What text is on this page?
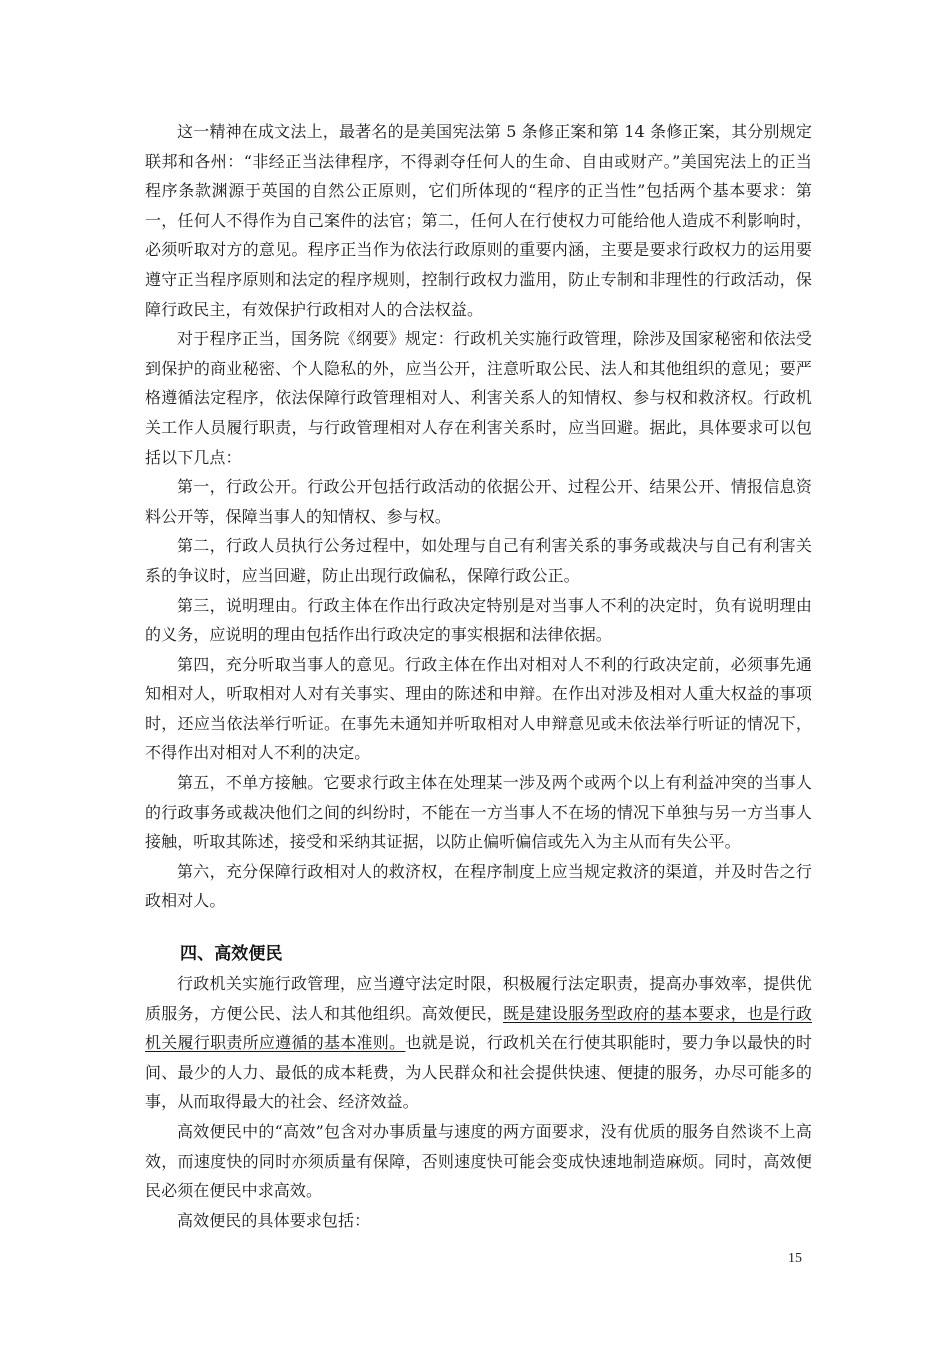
这一精神在成文法上，最著名的是美国宪法第 5 条修正案和第 14 条修正案，其分别规定联邦和各州：“非经正当法律程序，不得剥夺任何人的生命、自由或财产。”美国宪法上的正当程序条款渊源于英国的自然公正原则，它们所体现的“程序的正当性”包括两个基本要求：第一，任何人不得作为自己案件的法官；第二，任何人在行使权力可能给他人造成不利影响时，必须听取对方的意见。程序正当作为依法行政原则的重要内涵，主要是要求行政权力的运用要遵守正当程序原则和法定的程序规则，控制行政权力滥用，防止专制和非理性的行政活动，保障行政民主，有效保护行政相对人的合法权益。

对于程序正当，国务院《纲要》规定：行政机关实施行政管理，除涉及国家秘密和依法受到保护的商业秘密、个人隐私的外，应当公开，注意听取公民、法人和其他组织的意见；要严格遵循法定程序，依法保障行政管理相对人、利害关系人的知情权、参与权和救济权。行政机关工作人员履行职责，与行政管理相对人存在利害关系时，应当回避。据此，具体要求可以包括以下几点：

第一，行政公开。行政公开包括行政活动的依据公开、过程公开、结果公开、情报信息资料公开等，保障当事人的知情权、参与权。

第二，行政人员执行公务过程中，如处理与自己有利害关系的事务或裁决与自己有利害关系的争议时，应当回避，防止出现行政偏私，保障行政公正。

第三，说明理由。行政主体在作出行政决定特别是对当事人不利的决定时，负有说明理由的义务，应说明的理由包括作出行政决定的事实根据和法律依据。

第四，充分听取当事人的意见。行政主体在作出对相对人不利的行政决定前，必须事先通知相对人，听取相对人对有关事实、理由的陈述和申辩。在作出对涉及相对人重大权益的事项时，还应当依法举行听证。在事先未通知并听取相对人申辩意见或未依法举行听证的情况下，不得作出对相对人不利的决定。

第五，不单方接触。它要求行政主体在处理某一涉及两个或两个以上有利益冲突的当事人的行政事务或裁决他们之间的纠纷时，不能在一方当事人不在场的情况下单独与另一方当事人接触，听取其陈述，接受和采纳其证据，以防止偏听偏信或先入为主从而有失公平。

第六，充分保障行政相对人的救济权，在程序制度上应当规定救济的渠道，并及时告之行政相对人。

四、高效便民

行政机关实施行政管理，应当遵守法定时限，积极履行法定职责，提高办事效率，提供优质服务，方便公民、法人和其他组织。高效便民，既是建设服务型政府的基本要求，也是行政机关履行职责所应遵循的基本准则。也就是说，行政机关在行使其职能时，要力争以最快的时间、最少的人力、最低的成本耗费，为人民群众和社会提供快速、便捷的服务，办尽可能多的事，从而取得最大的社会、经济效益。

高效便民中的“高效”包含对办事质量与速度的两方面要求，没有优质的服务自然谈不上高效，而速度快的同时亦须质量有保障，否则速度快可能会变成快速地制造麻烦。同时，高效便民必须在便民中求高效。

高效便民的具体要求包括：

15
